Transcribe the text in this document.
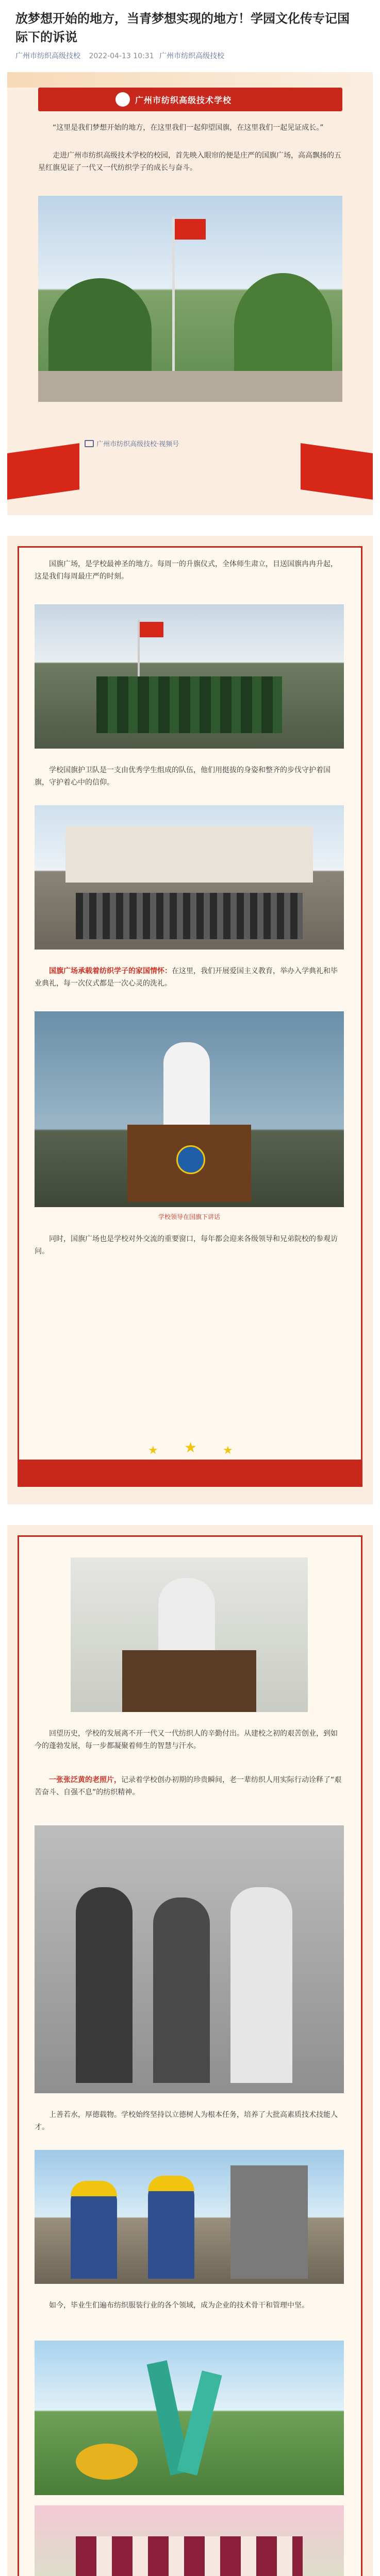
放梦想开始的地方，当青梦想实现的地方！学园文化传专记国际下的诉说
广州市纺织高级技校 2022-04-13 10:31 广州市纺织高级技校
广州市纺织高级技术学校
“这里是我们梦想开始的地方，在这里我们一起仰望国旗，在这里我们一起见证成长。”
走进广州市纺织高级技术学校的校园，首先映入眼帘的便是庄严的国旗广场，高高飘扬的五星红旗见证了一代又一代纺织学子的成长与奋斗。
广州市纺织高级技校·视频号
国旗广场，是学校最神圣的地方。每周一的升旗仪式，全体师生肃立，目送国旗冉冉升起，这是我们每周最庄严的时刻。
学校国旗护卫队是一支由优秀学生组成的队伍，他们用挺拔的身姿和整齐的步伐守护着国旗，守护着心中的信仰。
国旗广场承载着纺织学子的家国情怀：在这里，我们开展爱国主义教育，举办入学典礼和毕业典礼，每一次仪式都是一次心灵的洗礼。
学校领导在国旗下讲话
同时，国旗广场也是学校对外交流的重要窗口，每年都会迎来各级领导和兄弟院校的参观访问。
★ ★ ★
回望历史，学校的发展离不开一代又一代纺织人的辛勤付出。从建校之初的艰苦创业，到如今的蓬勃发展，每一步都凝聚着师生的智慧与汗水。
一张张泛黄的老照片，记录着学校创办初期的珍贵瞬间，老一辈纺织人用实际行动诠释了“艰苦奋斗、自强不息”的纺织精神。
上善若水，厚德载物。学校始终坚持以立德树人为根本任务，培养了大批高素质技术技能人才。
如今，毕业生们遍布纺织服装行业的各个领域，成为企业的技术骨干和管理中坚。
